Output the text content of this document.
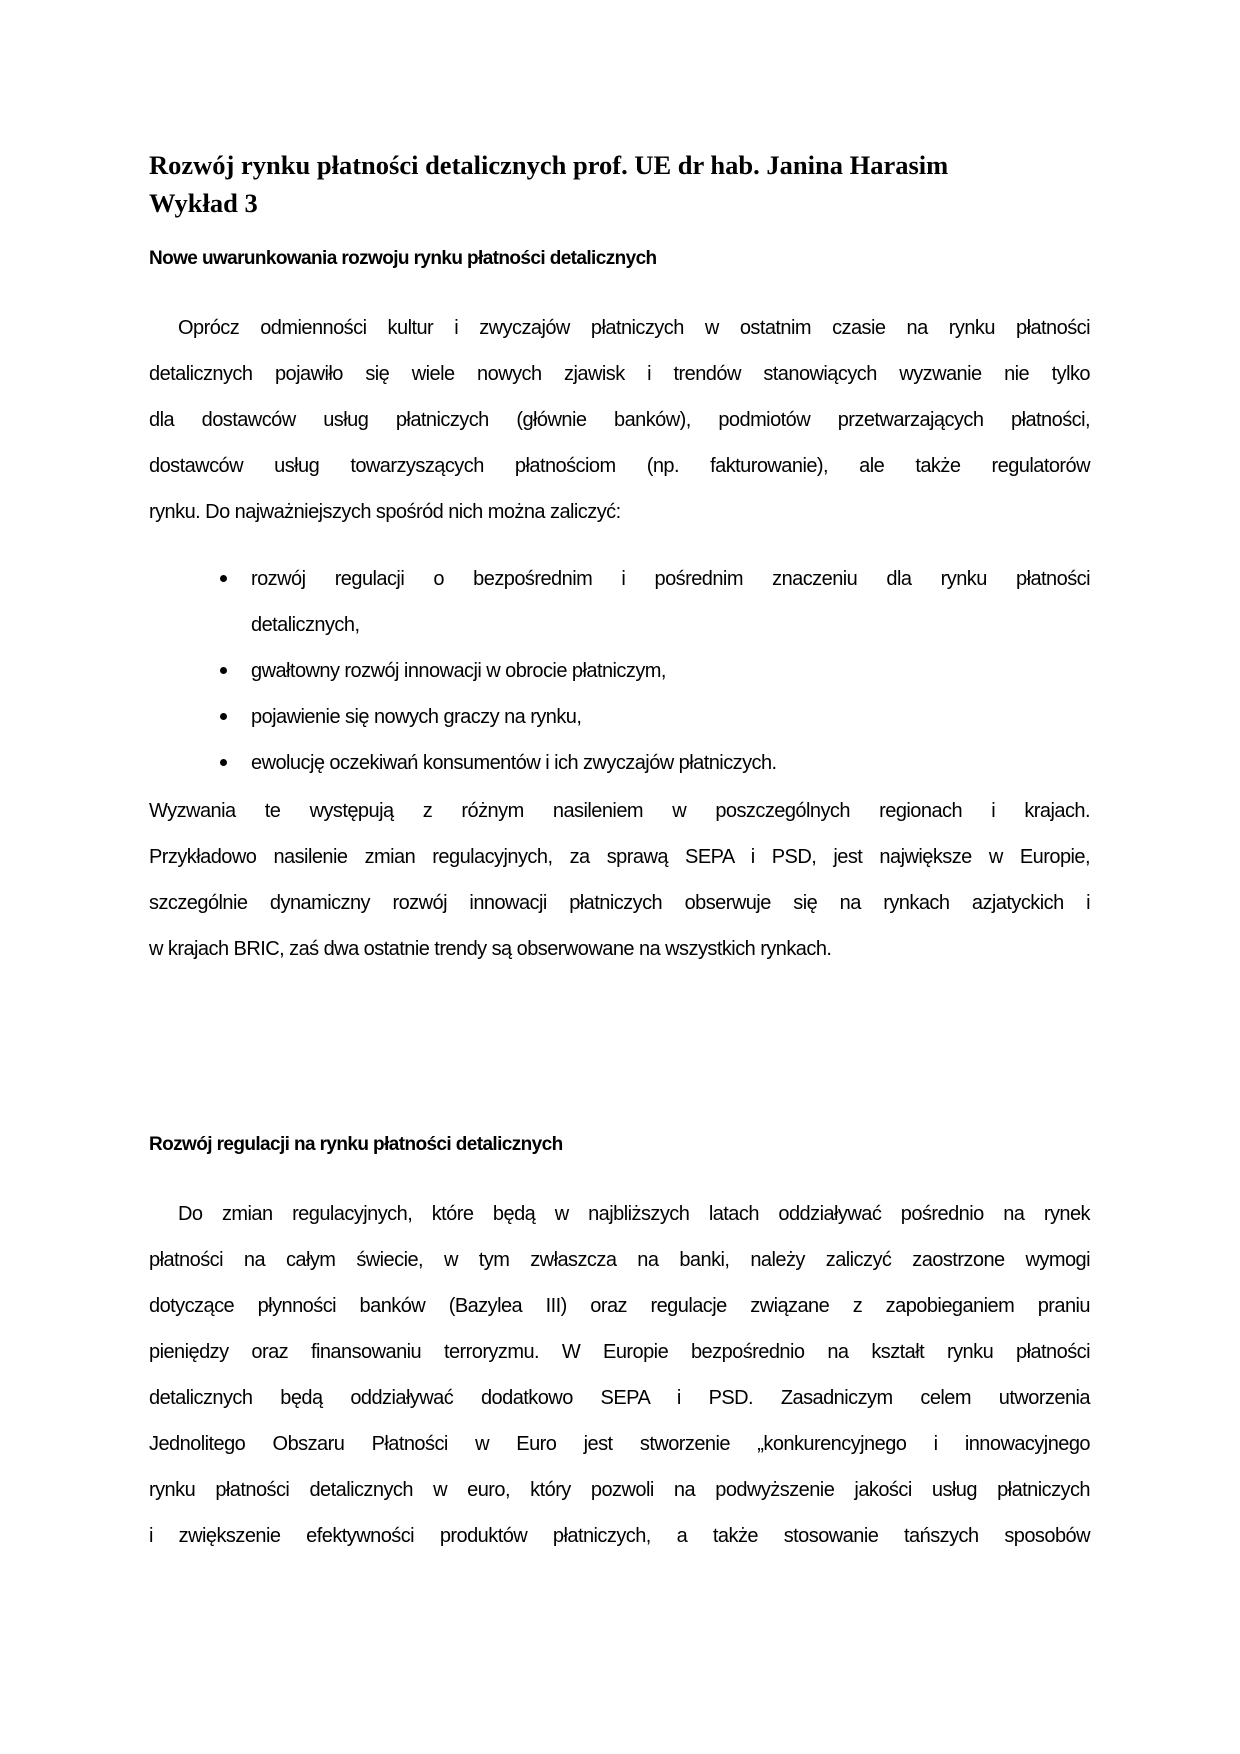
Rozwój rynku płatności detalicznych prof. UE dr hab. Janina Harasim
Wykład 3
Nowe uwarunkowania rozwoju rynku płatności detalicznych
Oprócz odmienności kultur i zwyczajów płatniczych w ostatnim czasie na rynku płatności
detalicznych pojawiło się wiele nowych zjawisk i trendów stanowiących wyzwanie nie tylko
dla dostawców usług płatniczych (głównie banków), podmiotów przetwarzających płatności,
dostawców usług towarzyszących płatnościom (np. fakturowanie), ale także regulatorów
rynku. Do najważniejszych spośród nich można zaliczyć:
rozwój regulacji o bezpośrednim i pośrednim znaczeniu dla rynku płatności
detalicznych,
gwałtowny rozwój innowacji w obrocie płatniczym,
pojawienie się nowych graczy na rynku,
ewolucję oczekiwań konsumentów i ich zwyczajów płatniczych.
Wyzwania te występują z różnym nasileniem w poszczególnych regionach i krajach.
Przykładowo nasilenie zmian regulacyjnych, za sprawą SEPA i PSD, jest największe w Europie,
szczególnie dynamiczny rozwój innowacji płatniczych obserwuje się na rynkach azjatyckich i
w krajach BRIC, zaś dwa ostatnie trendy są obserwowane na wszystkich rynkach.
Rozwój regulacji na rynku płatności detalicznych
Do zmian regulacyjnych, które będą w najbliższych latach oddziaływać pośrednio na rynek
płatności na całym świecie, w tym zwłaszcza na banki, należy zaliczyć zaostrzone wymogi
dotyczące płynności banków (Bazylea III) oraz regulacje związane z zapobieganiem praniu
pieniędzy oraz finansowaniu terroryzmu. W Europie bezpośrednio na kształt rynku płatności
detalicznych będą oddziaływać dodatkowo SEPA i PSD. Zasadniczym celem utworzenia
Jednolitego Obszaru Płatności w Euro jest stworzenie „konkurencyjnego i innowacyjnego
rynku płatności detalicznych w euro, który pozwoli na podwyższenie jakości usług płatniczych
i zwiększenie efektywności produktów płatniczych, a także stosowanie tańszych sposobów
